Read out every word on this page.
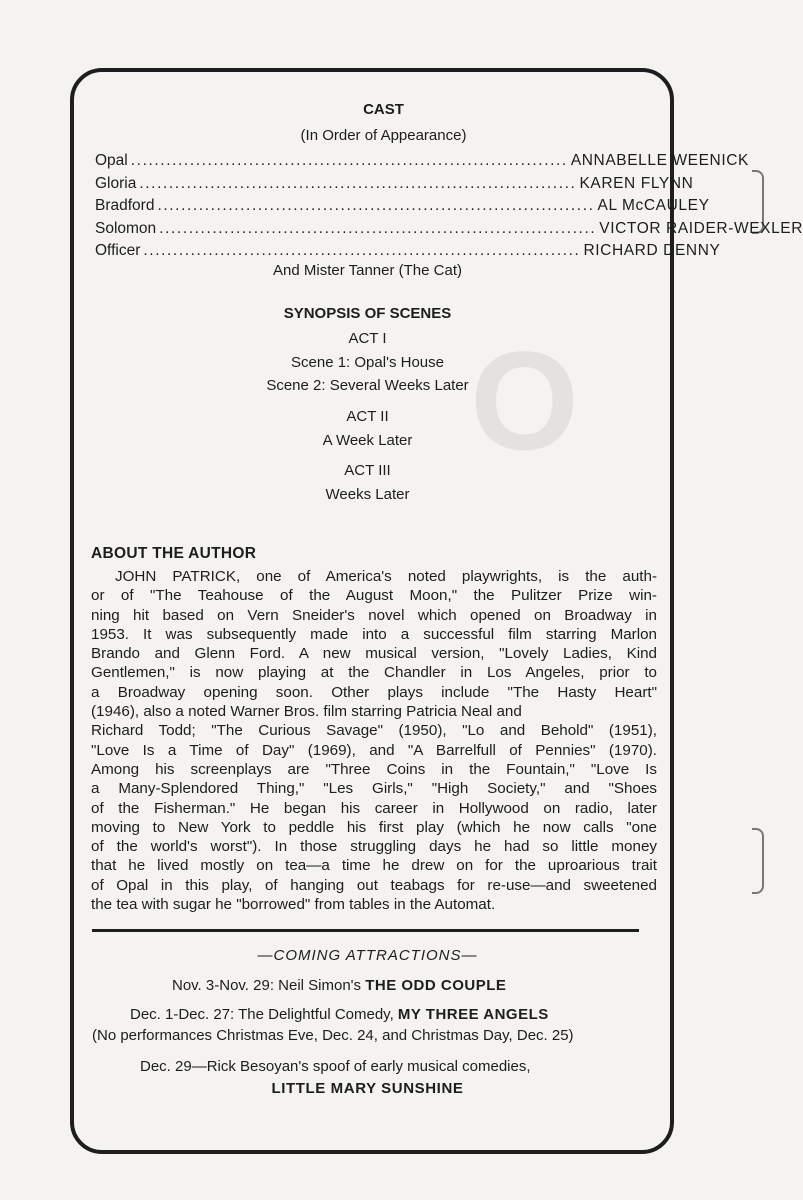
O
CAST
(In Order of Appearance)
Opal .......................................................................... ANNABELLE WEENICK
Gloria .......................................................................... KAREN FLYNN
Bradford .......................................................................... AL McCAULEY
Solomon .......................................................................... VICTOR RAIDER-WEXLER
Officer .......................................................................... RICHARD DENNY
And Mister Tanner (The Cat)
SYNOPSIS OF SCENES
ACT I
Scene 1: Opal's House
Scene 2: Several Weeks Later
ACT II
A Week Later
ACT III
Weeks Later
ABOUT THE AUTHOR
JOHN PATRICK, one of America's noted playwrights, is the auth-
or of "The Teahouse of the August Moon," the Pulitzer Prize win-
ning hit based on Vern Sneider's novel which opened on Broadway in
1953. It was subsequently made into a successful film starring Marlon
Brando and Glenn Ford. A new musical version, "Lovely Ladies, Kind
Gentlemen," is now playing at the Chandler in Los Angeles, prior to
a Broadway opening soon. Other plays include "The Hasty Heart"
(1946), also a noted Warner Bros. film starring Patricia Neal and
Richard Todd; "The Curious Savage" (1950), "Lo and Behold" (1951),
"Love Is a Time of Day" (1969), and "A Barrelfull of Pennies" (1970).
Among his screenplays are "Three Coins in the Fountain," "Love Is
a Many-Splendored Thing," "Les Girls," "High Society," and "Shoes
of the Fisherman." He began his career in Hollywood on radio, later
moving to New York to peddle his first play (which he now calls "one
of the world's worst"). In those struggling days he had so little money
that he lived mostly on tea—a time he drew on for the uproarious trait
of Opal in this play, of hanging out teabags for re-use—and sweetened
the tea with sugar he "borrowed" from tables in the Automat.
—COMING ATTRACTIONS—
Nov. 3-Nov. 29: Neil Simon's THE ODD COUPLE
Dec. 1-Dec. 27: The Delightful Comedy, MY THREE ANGELS
(No performances Christmas Eve, Dec. 24, and Christmas Day, Dec. 25)
Dec. 29—Rick Besoyan's spoof of early musical comedies,
LITTLE MARY SUNSHINE
